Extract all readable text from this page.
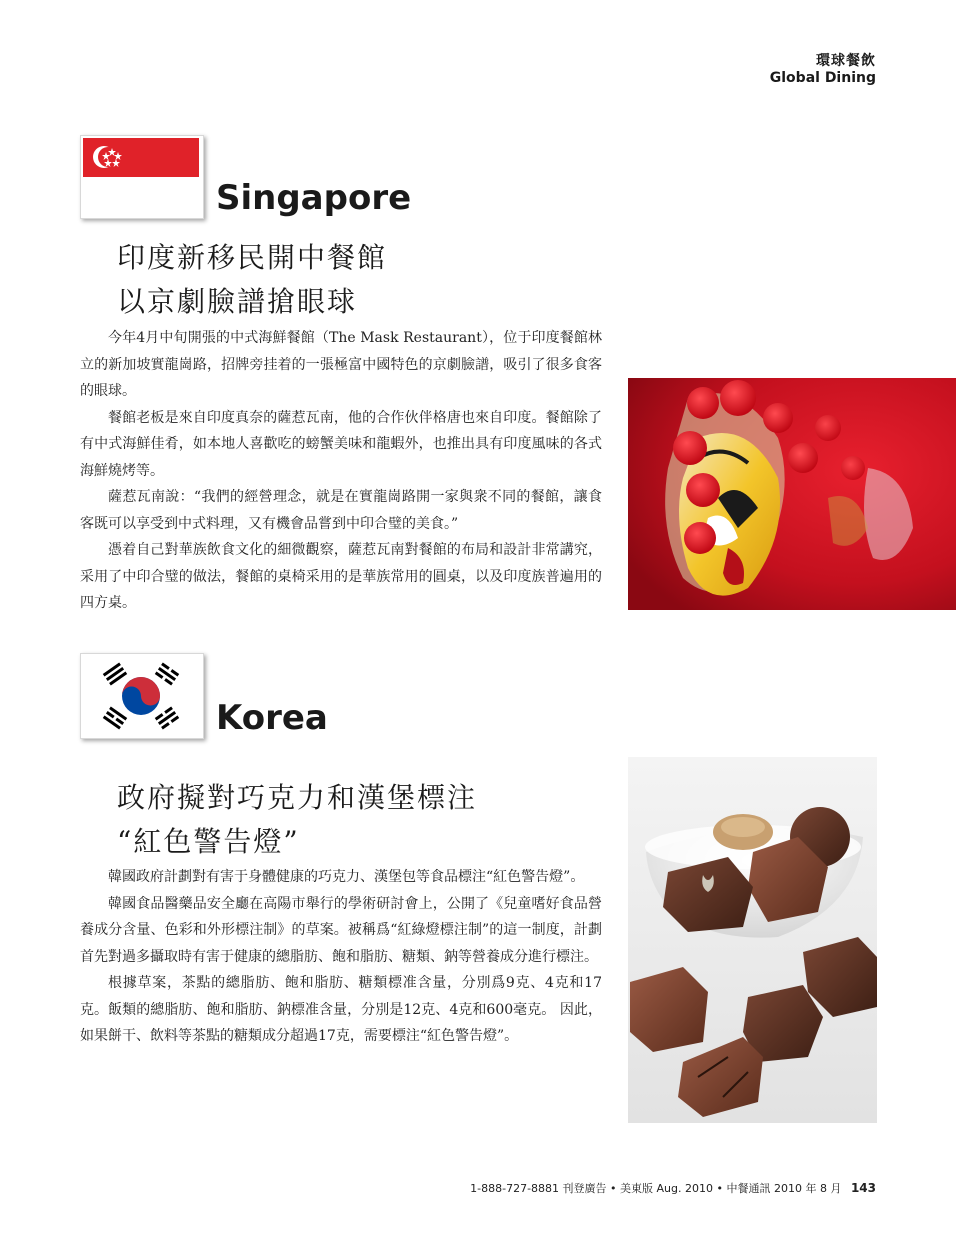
環球餐飲
Global Dining
Singapore
印度新移民開中餐館
以京劇臉譜搶眼球

今年4月中旬開張的中式海鮮餐館（The Mask Restaurant），位于印度餐館林立的新加坡實龍崗路，招牌旁挂着的一張極富中國特色的京劇臉譜，吸引了很多食客的眼球。

餐館老板是來自印度真奈的薩惹瓦南，他的合作伙伴格唐也來自印度。餐館除了有中式海鮮佳肴，如本地人喜歡吃的螃蟹美味和龍蝦外，也推出具有印度風味的各式海鮮燒烤等。

薩惹瓦南說：“我們的經營理念，就是在實龍崗路開一家與衆不同的餐館，讓食客既可以享受到中式料理，又有機會品嘗到中印合璧的美食。”

憑着自己對華族飲食文化的細微觀察，薩惹瓦南對餐館的布局和設計非常講究，采用了中印合璧的做法，餐館的桌椅采用的是華族常用的圓桌，以及印度族普遍用的四方桌。

Korea
政府擬對巧克力和漢堡標注
“紅色警告燈”

韓國政府計劃對有害于身體健康的巧克力、漢堡包等食品標注“紅色警告燈”。

韓國食品醫藥品安全廳在高陽市舉行的學術研討會上，公開了《兒童嗜好食品營養成分含量、色彩和外形標注制》的草案。被稱爲“紅綠燈標注制”的這一制度，計劃首先對過多攝取時有害于健康的總脂肪、飽和脂肪、糖類、鈉等營養成分進行標注。

根據草案，茶點的總脂肪、飽和脂肪、糖類標准含量，分別爲9克、4克和17克。飯類的總脂肪、飽和脂肪、鈉標准含量，分別是12克、4克和600毫克。 因此，如果餅干、飲料等茶點的糖類成分超過17克，需要標注“紅色警告燈”。

1-888-727-8881 刊登廣告 • 美東版 Aug. 2010 • 中餐通訊 2010 年 8 月 143
